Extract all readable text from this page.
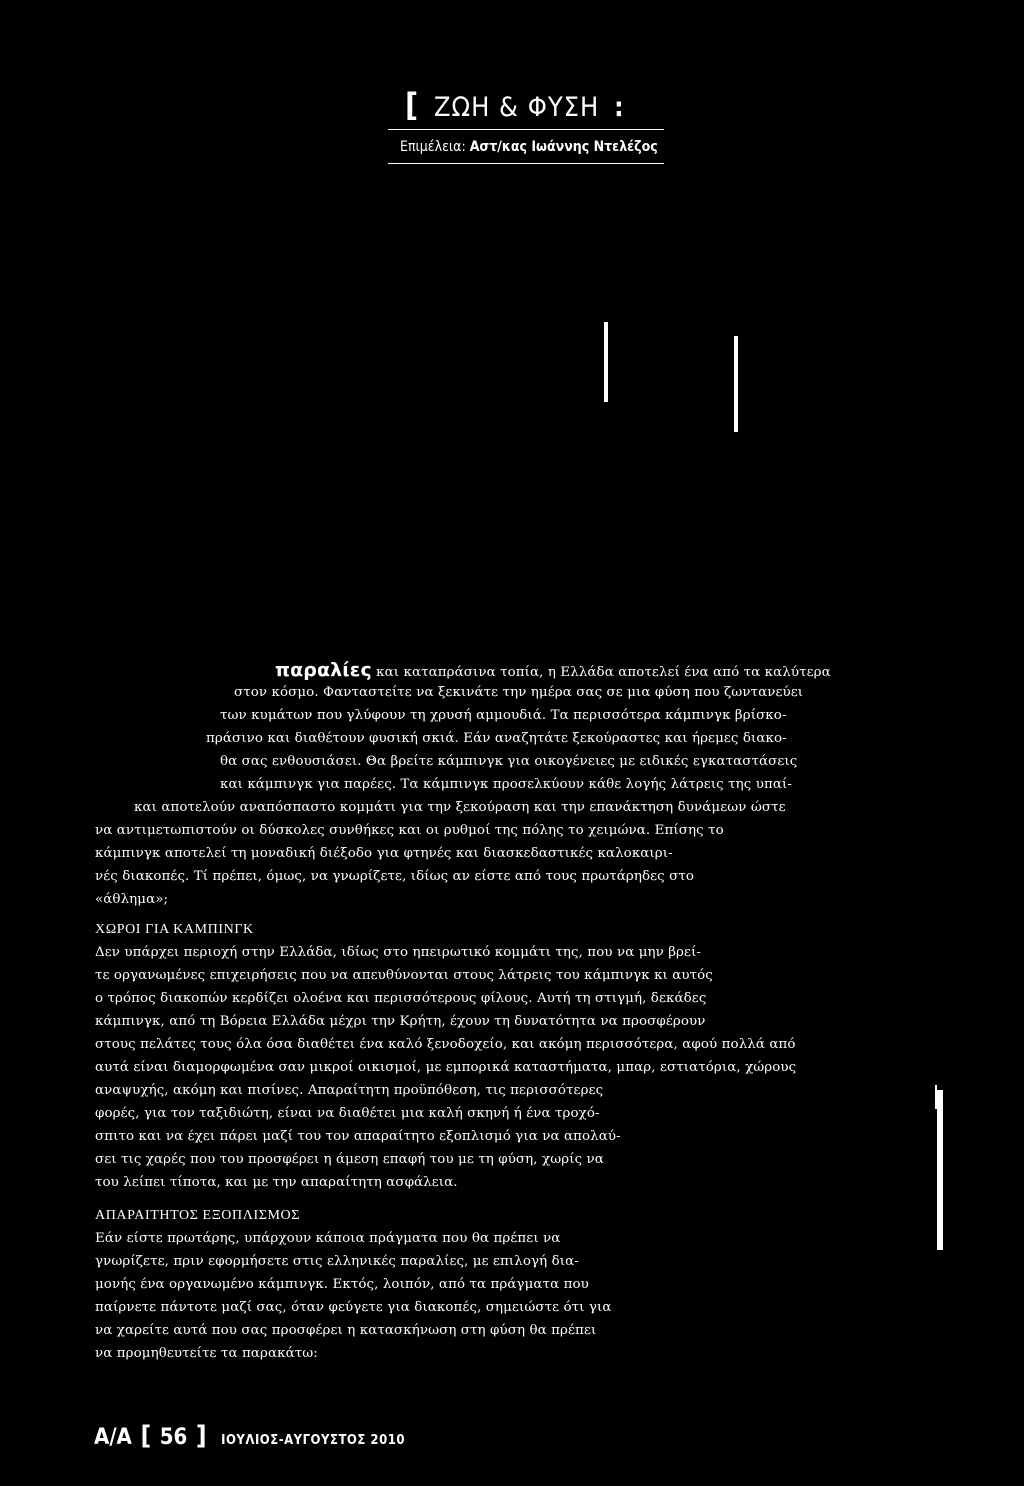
[ ΖΩΗ & ΦΥΣΗ :
Επιμέλεια: Αστ/κας Ιωάννης Ντελέζος
παραλίες και καταπράσινα τοπία, η Ελλάδα αποτελεί ένα από τα καλύτερα
στον κόσμο. Φανταστείτε να ξεκινάτε την ημέρα σας σε μια φύση που ζωντανεύει
των κυμάτων που γλύφουν τη χρυσή αμμουδιά. Τα περισσότερα κάμπινγκ βρίσκο-
πράσινο και διαθέτουν φυσική σκιά. Εάν αναζητάτε ξεκούραστες και ήρεμες διακο-
θα σας ενθουσιάσει. Θα βρείτε κάμπινγκ για οικογένειες με ειδικές εγκαταστάσεις
και κάμπινγκ για παρέες. Τα κάμπινγκ προσελκύουν κάθε λογής λάτρεις της υπαί-
και αποτελούν αναπόσπαστο κομμάτι για την ξεκούραση και την επανάκτηση δυνάμεων ώστε
να αντιμετωπιστούν οι δύσκολες συνθήκες και οι ρυθμοί της πόλης το χειμώνα. Επίσης το
κάμπινγκ αποτελεί τη μοναδική διέξοδο για φτηνές και διασκεδαστικές καλοκαιρι-
νές διακοπές. Τί πρέπει, όμως, να γνωρίζετε, ιδίως αν είστε από τους πρωτάρηδες στο
«άθλημα»;
ΧΩΡΟΙ ΓΙΑ ΚΑΜΠΙΝΓΚ
Δεν υπάρχει περιοχή στην Ελλάδα, ιδίως στο ηπειρωτικό κομμάτι της, που να μην βρεί-
τε οργανωμένες επιχειρήσεις που να απευθύνονται στους λάτρεις του κάμπινγκ κι αυτός
ο τρόπος διακοπών κερδίζει ολοένα και περισσότερους φίλους. Αυτή τη στιγμή, δεκάδες
κάμπινγκ, από τη Βόρεια Ελλάδα μέχρι την Κρήτη, έχουν τη δυνατότητα να προσφέρουν
στους πελάτες τους όλα όσα διαθέτει ένα καλό ξενοδοχείο, και ακόμη περισσότερα, αφού πολλά από
αυτά είναι διαμορφωμένα σαν μικροί οικισμοί, με εμπορικά καταστήματα, μπαρ, εστιατόρια, χώρους
αναψυχής, ακόμη και πισίνες. Απαραίτητη προϋπόθεση, τις περισσότερες
φορές, για τον ταξιδιώτη, είναι να διαθέτει μια καλή σκηνή ή ένα τροχό-
σπιτο και να έχει πάρει μαζί του τον απαραίτητο εξοπλισμό για να απολαύ-
σει τις χαρές που του προσφέρει η άμεση επαφή του με τη φύση, χωρίς να
του λείπει τίποτα, και με την απαραίτητη ασφάλεια.
ΑΠΑΡΑΙΤΗΤΟΣ ΕΞΟΠΛΙΣΜΟΣ
Εάν είστε πρωτάρης, υπάρχουν κάποια πράγματα που θα πρέπει να
γνωρίζετε, πριν εφορμήσετε στις ελληνικές παραλίες, με επιλογή δια-
μονής ένα οργανωμένο κάμπινγκ. Εκτός, λοιπόν, από τα πράγματα που
παίρνετε πάντοτε μαζί σας, όταν φεύγετε για διακοπές, σημειώστε ότι για
να χαρείτε αυτά που σας προσφέρει η κατασκήνωση στη φύση θα πρέπει
να προμηθευτείτε τα παρακάτω:
Α/Α [ 56 ] ΙΟΥΛΙΟΣ-ΑΥΓΟΥΣΤΟΣ 2010
